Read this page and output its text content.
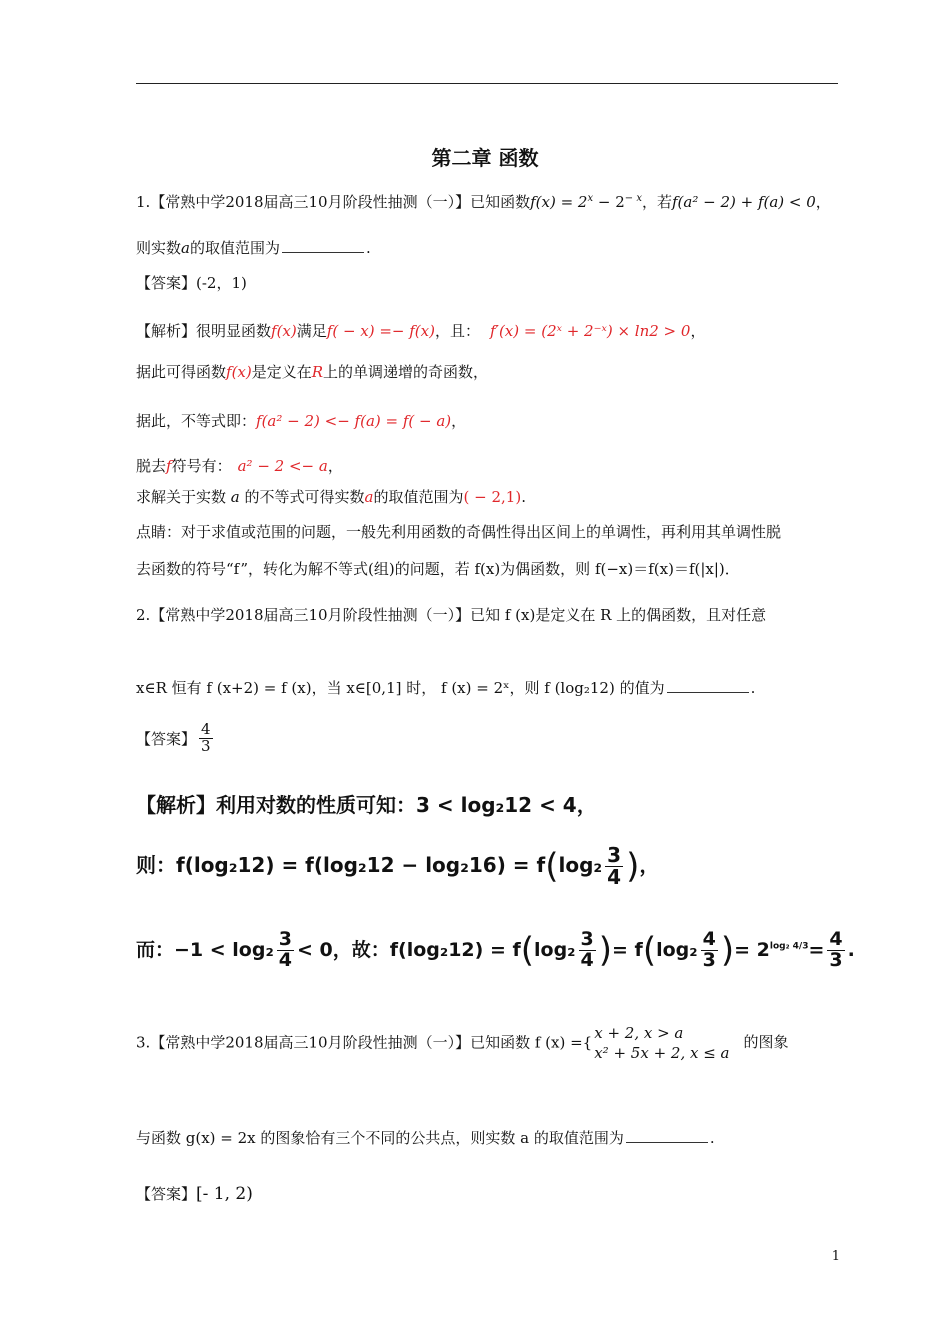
第二章 函数
1.【常熟中学2018届高三10月阶段性抽测（一）】已知函数$f(x) = 2^x - 2^{- x}$，若f(a² − 2) + f(a) < 0，
则实数a的取值范围为	.
【答案】(-2，1)
【解析】很明显函数f(x)满足f( − x) =− f(x)，且： f′(x) = (2ˣ + 2⁻ˣ) × ln2 > 0，
据此可得函数f(x)是定义在R上的单调递增的奇函数，
据此，不等式即：f(a² − 2) <− f(a) = f( − a)，
脱去f符号有： a² − 2 <− a，
求解关于实数 a 的不等式可得实数a的取值范围为( − 2,1).
点睛：对于求值或范围的问题，一般先利用函数的奇偶性得出区间上的单调性，再利用其单调性脱
去函数的符号“f”，转化为解不等式(组)的问题，若 f(x)为偶函数，则 f(−x)＝f(x)＝f(|x|)．
2.【常熟中学2018届高三10月阶段性抽测（一）】已知 f (x)是定义在 R 上的偶函数，且对任意
x∈R 恒有 f (x+2) = f (x)，当 x∈[0,1] 时， f (x) = 2ˣ，则 f (log₂12) 的值为	.
【答案】 $\frac{4}{3}$
【解析】利用对数的性质可知：3 < log₂12 < 4，
则：$f(\log_212) = f(\log_212 - \log_216) = f(\log_2 \frac{3}{4}$ )，
而：$-1 < \log_2 \frac{3}{4} < 0$，故：$f(\log_212) = f(\log_2 \frac{3}{4}$ )= $f(\log_2 \frac{4}{3}$ )= $2^{log_2 4/3}= \frac{4}{3}$ .
3.【常熟中学2018届高三10月阶段性抽测（一）】已知函数 f (x) ={
x + 2, x > a
x² + 5x + 2, x ≤ a
的图象
与函数 g(x) = 2x 的图象恰有三个不同的公共点，则实数 a 的取值范围为	.
【答案】[- 1, 2)
1
